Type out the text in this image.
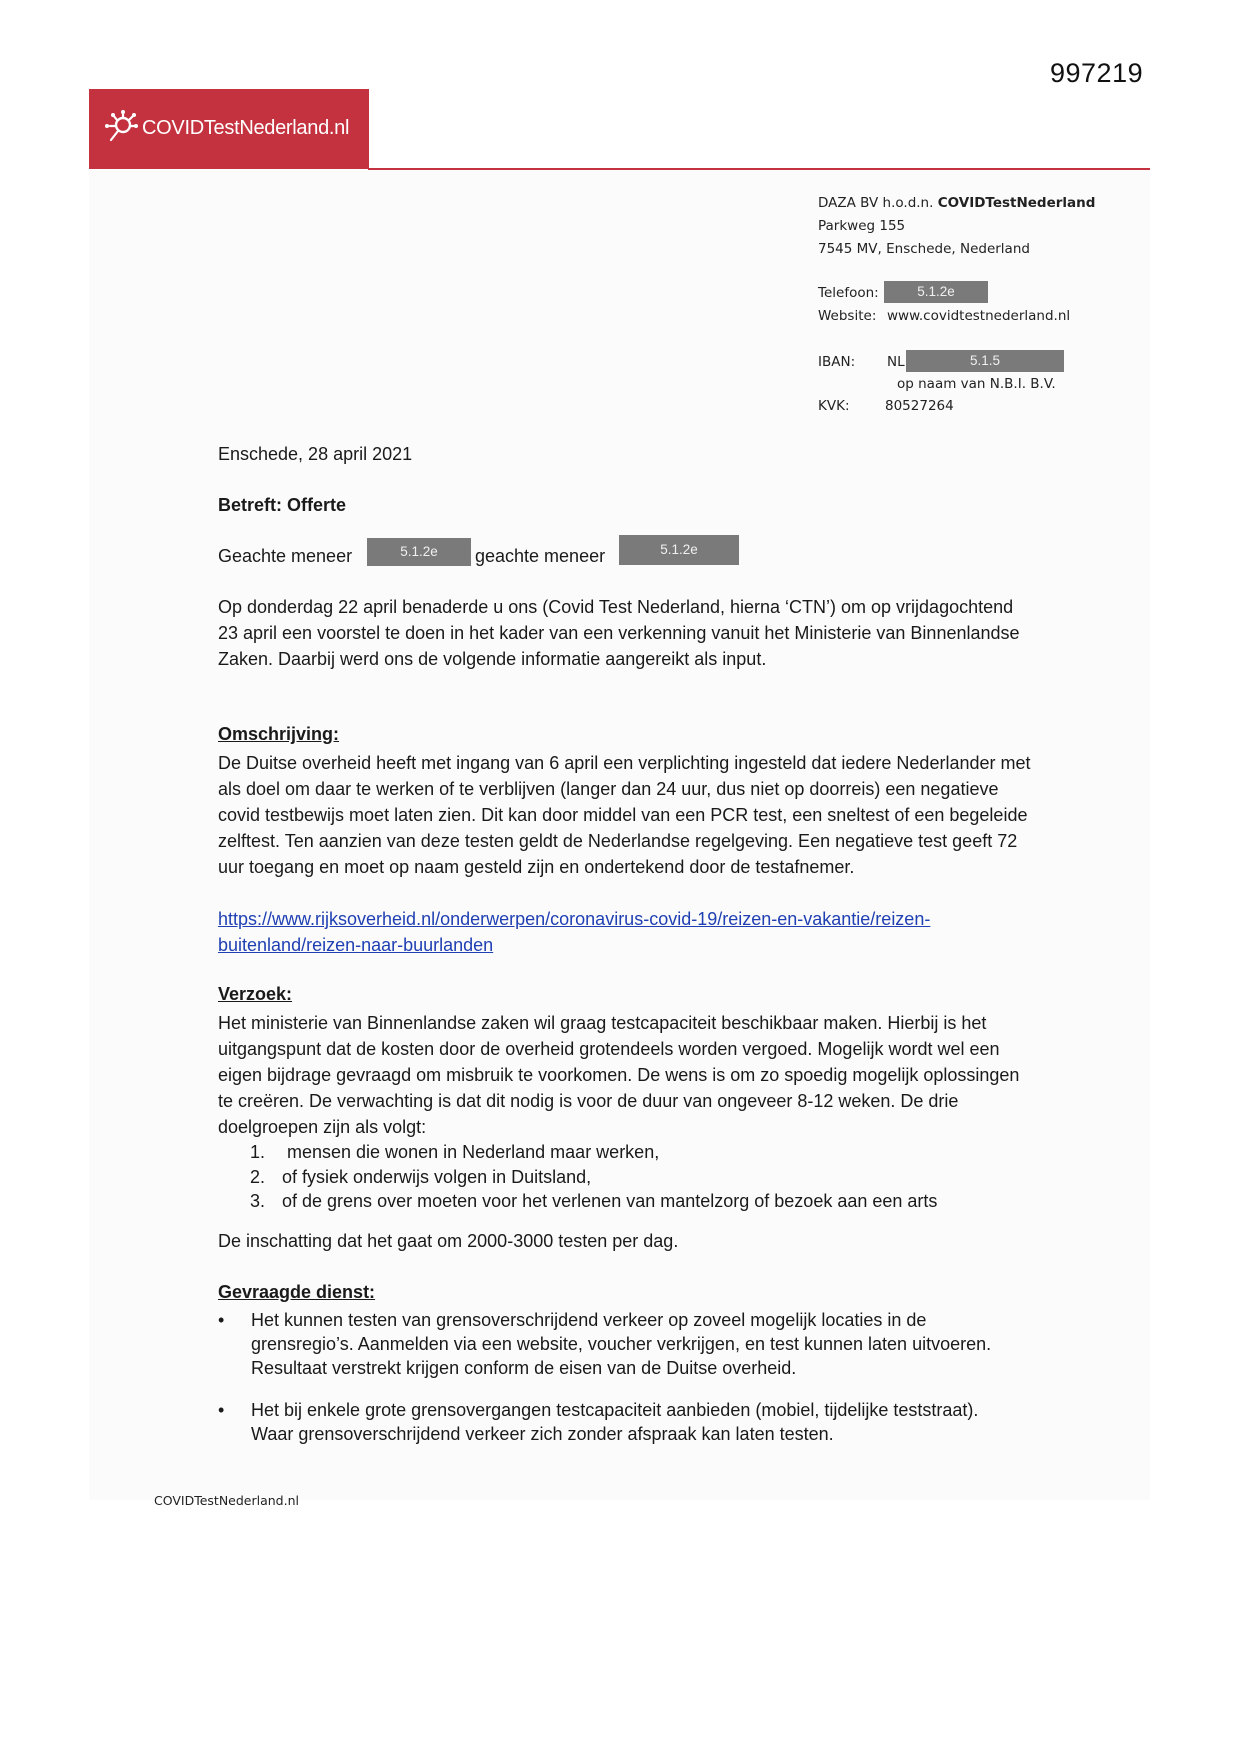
997219
COVIDTestNederland.nl
DAZA BV h.o.d.n. COVIDTestNederland
Parkweg 155
7545 MV, Enschede, Nederland
Telefoon:	5.1.2e
Website: www.covidtestnederland.nl
IBAN: NL	5.1.5
op naam van N.B.I. B.V.
KVK:	80527264
Enschede, 28 april 2021
Betreft: Offerte
Geachte meneer	5.1.2e	geachte meneer	5.1.2e

Op donderdag 22 april benaderde u ons (Covid Test Nederland, hierna ‘CTN’) om op vrijdagochtend 23 april een voorstel te doen in het kader van een verkenning vanuit het Ministerie van Binnenlandse Zaken. Daarbij werd ons de volgende informatie aangereikt als input.

Omschrijving:

De Duitse overheid heeft met ingang van 6 april een verplichting ingesteld dat iedere Nederlander met als doel om daar te werken of te verblijven (langer dan 24 uur, dus niet op doorreis) een negatieve covid testbewijs moet laten zien. Dit kan door middel van een PCR test, een sneltest of een begeleide zelftest. Ten aanzien van deze testen geldt de Nederlandse regelgeving. Een negatieve test geeft 72 uur toegang en moet op naam gesteld zijn en ondertekend door de testafnemer.

https://www.rijksoverheid.nl/onderwerpen/coronavirus-covid-19/reizen-en-vakantie/reizen-
buitenland/reizen-naar-buurlanden
Verzoek:

Het ministerie van Binnenlandse zaken wil graag testcapaciteit beschikbaar maken. Hierbij is het uitgangspunt dat de kosten door de overheid grotendeels worden vergoed. Mogelijk wordt wel een eigen bijdrage gevraagd om misbruik te voorkomen. De wens is om zo spoedig mogelijk oplossingen te creëren. De verwachting is dat dit nodig is voor de duur van ongeveer 8-12 weken. De drie doelgroepen zijn als volgt:

1. mensen die wonen in Nederland maar werken,
2. of fysiek onderwijs volgen in Duitsland,
3. of de grens over moeten voor het verlenen van mantelzorg of bezoek aan een arts
De inschatting dat het gaat om 2000-3000 testen per dag.
Gevraagde dienst:
•	Het kunnen testen van grensoverschrijdend verkeer op zoveel mogelijk locaties in de grensregio’s. Aanmelden via een website, voucher verkrijgen, en test kunnen laten uitvoeren. Resultaat verstrekt krijgen conform de eisen van de Duitse overheid.
•	Het bij enkele grote grensovergangen testcapaciteit aanbieden (mobiel, tijdelijke teststraat). Waar grensoverschrijdend verkeer zich zonder afspraak kan laten testen.
COVIDTestNederland.nl
